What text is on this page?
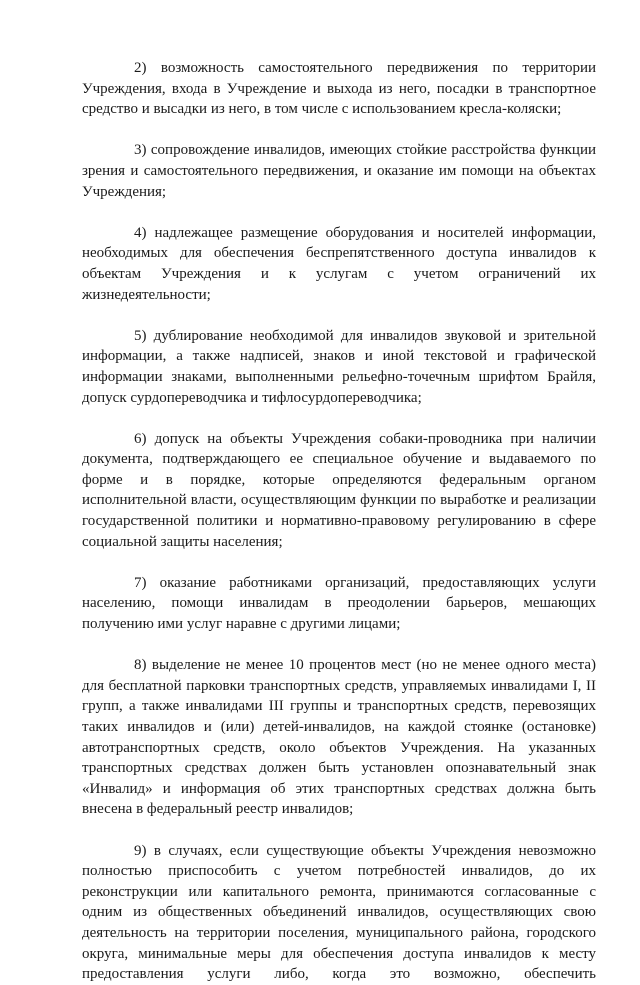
2) возможность самостоятельного передвижения по территории Учреждения, входа в Учреждение и выхода из него, посадки в транспортное средство и высадки из него, в том числе с использованием кресла-коляски;

3) сопровождение инвалидов, имеющих стойкие расстройства функции зрения и самостоятельного передвижения, и оказание им помощи на объектах Учреждения;

4) надлежащее размещение оборудования и носителей информации, необходимых для обеспечения беспрепятственного доступа инвалидов к объектам Учреждения и к услугам с учетом ограничений их жизнедеятельности;

5) дублирование необходимой для инвалидов звуковой и зрительной информации, а также надписей, знаков и иной текстовой и графической информации знаками, выполненными рельефно-точечным шрифтом Брайля, допуск сурдопереводчика и тифлосурдопереводчика;

6) допуск на объекты Учреждения собаки-проводника при наличии документа, подтверждающего ее специальное обучение и выдаваемого по форме и в порядке, которые определяются федеральным органом исполнительной власти, осуществляющим функции по выработке и реализации государственной политики и нормативно-правовому регулированию в сфере социальной защиты населения;

7) оказание работниками организаций, предоставляющих услуги населению, помощи инвалидам в преодолении барьеров, мешающих получению ими услуг наравне с другими лицами;

8) выделение не менее 10 процентов мест (но не менее одного места) для бесплатной парковки транспортных средств, управляемых инвалидами I, II групп, а также инвалидами III группы и транспортных средств, перевозящих таких инвалидов и (или) детей-инвалидов, на каждой стоянке (остановке) автотранспортных средств, около объектов Учреждения. На указанных транспортных средствах должен быть установлен опознавательный знак «Инвалид» и информация об этих транспортных средствах должна быть внесена в федеральный реестр инвалидов;

9) в случаях, если существующие объекты Учреждения невозможно полностью приспособить с учетом потребностей инвалидов, до их реконструкции или капитального ремонта, принимаются согласованные с одним из общественных объединений инвалидов, осуществляющих свою деятельность на территории поселения, муниципального района, городского округа, минимальные меры для обеспечения доступа инвалидов к месту предоставления услуги либо, когда это возможно, обеспечить
